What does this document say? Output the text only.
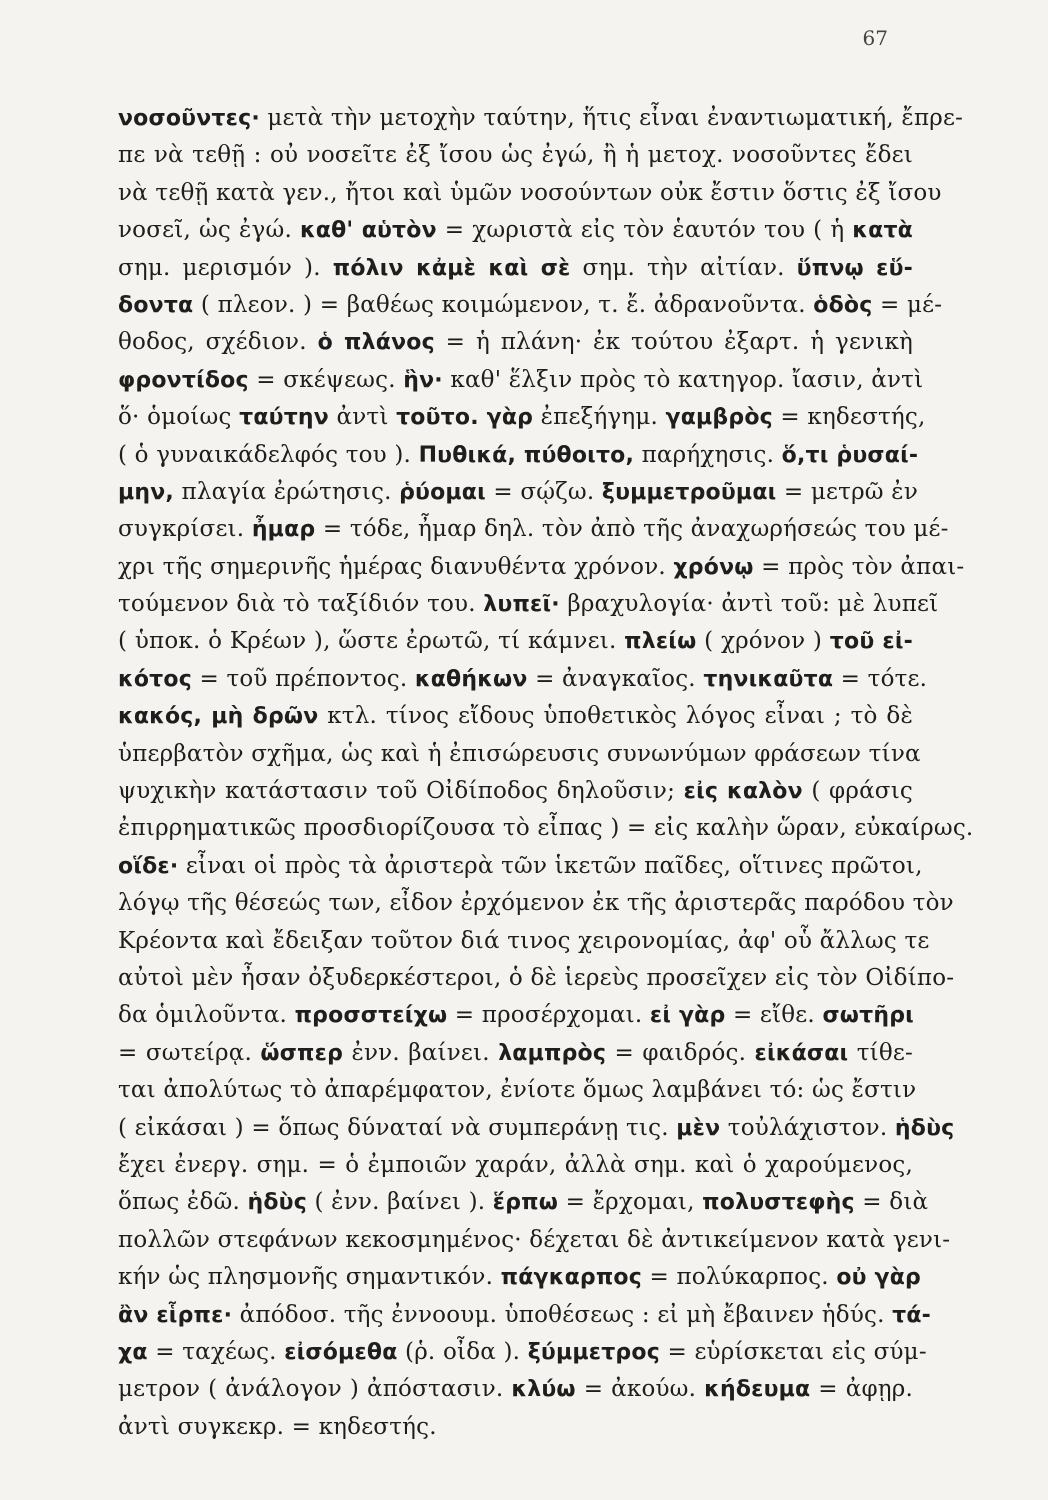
67
νοσοῦντες· μετὰ τὴν μετοχὴν ταύτην, ἥτις εἶναι ἐναντιωματική, ἔπρε-
πε νὰ τεθῇ : οὐ νοσεῖτε ἐξ ἴσου ὡς ἐγώ, ἢ ἡ μετοχ. νοσοῦντες ἔδει
νὰ τεθῇ κατὰ γεν., ἤτοι καὶ ὑμῶν νοσούντων οὐκ ἔστιν ὅστις ἐξ ἴσου
νοσεῖ, ὡς ἐγώ. καθ' αὑτὸν = χωριστὰ εἰς τὸν ἑαυτόν του ( ἡ κατὰ
σημ. μερισμόν ). πόλιν κἀμὲ καὶ σὲ σημ. τὴν αἰτίαν. ὕπνῳ εὕ-
δοντα ( πλεον. ) = βαθέως κοιμώμενον, τ. ἔ. ἀδρανοῦντα. ὁδὸς = μέ-
θοδος, σχέδιον. ὁ πλάνος = ἡ πλάνη· ἐκ τούτου ἐξαρτ. ἡ γενικὴ
φροντίδος = σκέψεως. ἣν· καθ' ἕλξιν πρὸς τὸ κατηγορ. ἴασιν, ἀντὶ
ὅ· ὁμοίως ταύτην ἀντὶ τοῦτο. γὰρ ἐπεξήγημ. γαμβρὸς = κηδεστής,
( ὁ γυναικάδελφός του ). Πυθικά, πύθοιτο, παρήχησις. ὅ,τι ῥυσαί-
μην, πλαγία ἐρώτησις. ῥύομαι = σῴζω. ξυμμετροῦμαι = μετρῶ ἐν
συγκρίσει. ἦμαρ = τόδε, ἦμαρ δηλ. τὸν ἀπὸ τῆς ἀναχωρήσεώς του μέ-
χρι τῆς σημερινῆς ἡμέρας διανυθέντα χρόνον. χρόνῳ = πρὸς τὸν ἀπαι-
τούμενον διὰ τὸ ταξίδιόν του. λυπεῖ· βραχυλογία· ἀντὶ τοῦ: μὲ λυπεῖ
( ὑποκ. ὁ Κρέων ), ὥστε ἐρωτῶ, τί κάμνει. πλείω ( χρόνον ) τοῦ εἰ-
κότος = τοῦ πρέποντος. καθήκων = ἀναγκαῖος. τηνικαῦτα = τότε.
κακός, μὴ δρῶν κτλ. τίνος εἴδους ὑποθετικὸς λόγος εἶναι ; τὸ δὲ
ὑπερβατὸν σχῆμα, ὡς καὶ ἡ ἐπισώρευσις συνωνύμων φράσεων τίνα
ψυχικὴν κατάστασιν τοῦ Οἰδίποδος δηλοῦσιν; εἰς καλὸν ( φράσις
ἐπιρρηματικῶς προσδιορίζουσα τὸ εἶπας ) = εἰς καλὴν ὥραν, εὐκαίρως.
οἵδε· εἶναι οἱ πρὸς τὰ ἀριστερὰ τῶν ἱκετῶν παῖδες, οἵτινες πρῶτοι,
λόγῳ τῆς θέσεώς των, εἶδον ἐρχόμενον ἐκ τῆς ἀριστερᾶς παρόδου τὸν
Κρέοντα καὶ ἔδειξαν τοῦτον διά τινος χειρονομίας, ἀφ' οὗ ἄλλως τε
αὐτοὶ μὲν ἦσαν ὀξυδερκέστεροι, ὁ δὲ ἱερεὺς προσεῖχεν εἰς τὸν Οἰδίπο-
δα ὁμιλοῦντα. προσστείχω = προσέρχομαι. εἰ γὰρ = εἴθε. σωτῆρι
= σωτείρᾳ. ὥσπερ ἐνν. βαίνει. λαμπρὸς = φαιδρός. εἰκάσαι τίθε-
ται ἀπολύτως τὸ ἀπαρέμφατον, ἐνίοτε ὅμως λαμβάνει τό: ὡς ἔστιν
( εἰκάσαι ) = ὅπως δύναταί νὰ συμπεράνῃ τις. μὲν τοὐλάχιστον. ἡδὺς
ἔχει ἐνεργ. σημ. = ὁ ἐμποιῶν χαράν, ἀλλὰ σημ. καὶ ὁ χαρούμενος,
ὅπως ἐδῶ. ἡδὺς ( ἐνν. βαίνει ). ἕρπω = ἔρχομαι, πολυστεφὴς = διὰ
πολλῶν στεφάνων κεκοσμημένος· δέχεται δὲ ἀντικείμενον κατὰ γενι-
κήν ὡς πλησμονῆς σημαντικόν. πάγκαρπος = πολύκαρπος. οὐ γὰρ
ἂν εἷρπε· ἀπόδοσ. τῆς ἐννοουμ. ὑποθέσεως : εἰ μὴ ἔβαινεν ἡδύς. τά-
χα = ταχέως. εἰσόμεθα (ῥ. οἶδα ). ξύμμετρος = εὑρίσκεται εἰς σύμ-
μετρον ( ἀνάλογον ) ἀπόστασιν. κλύω = ἀκούω. κήδευμα = ἀφῃρ.
ἀντὶ συγκεκρ. = κηδεστής.
